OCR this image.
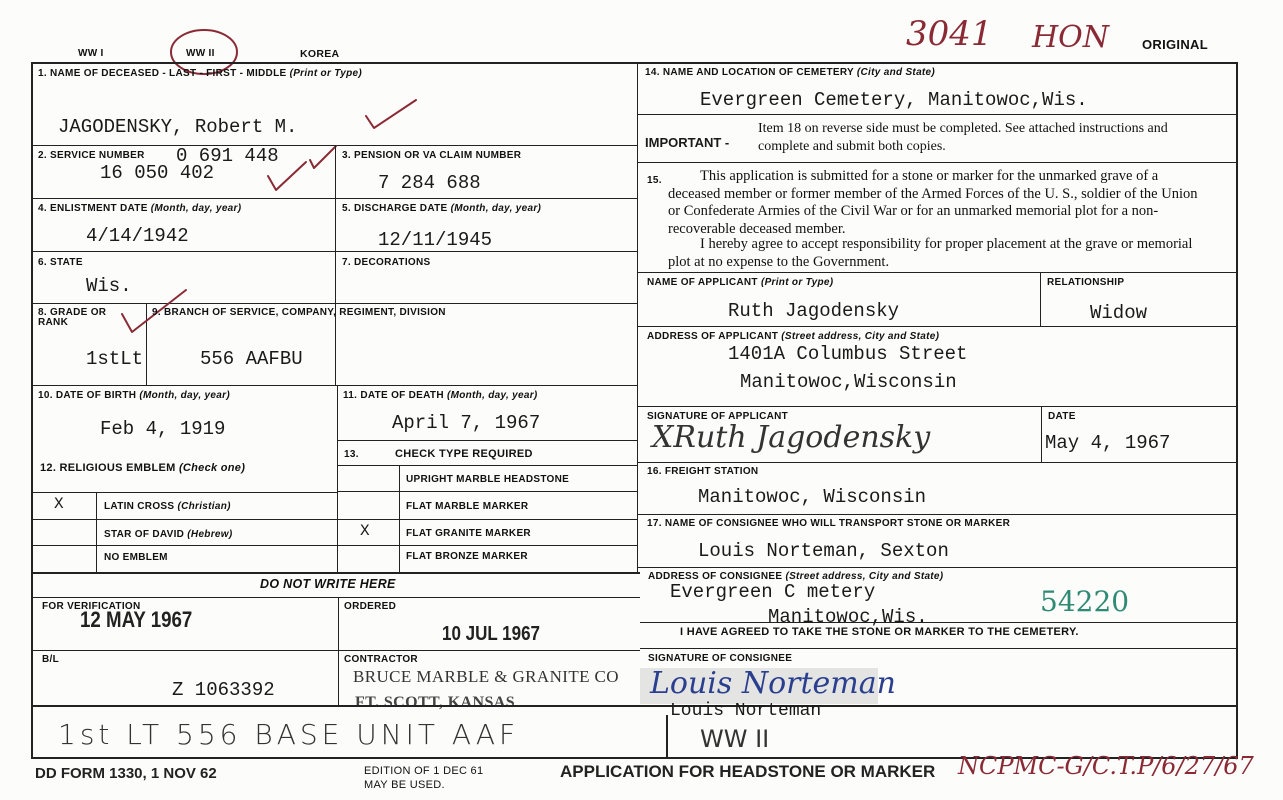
WW I	WW II	KOREA	3041 HON	ORIGINAL
1. NAME OF DECEASED - LAST - FIRST - MIDDLE (Print or Type)
JAGODENSKY, Robert M.
2. SERVICE NUMBER 0 691 448
16 050 402
3. PENSION OR VA CLAIM NUMBER
7 284 688
4. ENLISTMENT DATE (Month, day, year)
4/14/1942
5. DISCHARGE DATE (Month, day, year)
12/11/1945
6. STATE
Wis.
7. DECORATIONS
8. GRADE OR RANK
1stLt
9. BRANCH OF SERVICE, COMPANY, REGIMENT, DIVISION
556 AAFBU
10. DATE OF BIRTH (Month, day, year)
Feb 4, 1919
11. DATE OF DEATH (Month, day, year)
April 7, 1967
12. RELIGIOUS EMBLEM (Check one)
X	LATIN CROSS (Christian)
STAR OF DAVID (Hebrew)
NO EMBLEM
13.	CHECK TYPE REQUIRED
UPRIGHT MARBLE HEADSTONE
FLAT MARBLE MARKER
X	FLAT GRANITE MARKER
FLAT BRONZE MARKER
DO NOT WRITE HERE
FOR VERIFICATION
12 MAY 1967
ORDERED
10 JUL 1967
B/L
Z 1063392
CONTRACTOR
BRUCE MARBLE & GRANITE CO
FT. SCOTT, KANSAS
14. NAME AND LOCATION OF CEMETERY (City and State)
Evergreen Cemetery, Manitowoc,Wis.
IMPORTANT -
Item 18 on reverse side must be completed. See attached instructions and complete and submit both copies.
15.	This application is submitted for a stone or marker for the unmarked grave of a deceased member or former member of the Armed Forces of the U. S., soldier of the Union or Confederate Armies of the Civil War or for an unmarked memorial plot for a non-recoverable deceased member.
I hereby agree to accept responsibility for proper placement at the grave or memorial plot at no expense to the Government.
NAME OF APPLICANT (Print or Type)
Ruth Jagodensky
RELATIONSHIP
Widow
ADDRESS OF APPLICANT (Street address, City and State)
1401A Columbus Street
Manitowoc,Wisconsin
SIGNATURE OF APPLICANT
XRuth Jagodensky
DATE
May 4, 1967
16. FREIGHT STATION
Manitowoc, Wisconsin
17. NAME OF CONSIGNEE WHO WILL TRANSPORT STONE OR MARKER
Louis Norteman, Sexton
ADDRESS OF CONSIGNEE (Street address, City and State)
Evergreen C metery
Manitowoc,Wis.	54220
I HAVE AGREED TO TAKE THE STONE OR MARKER TO THE CEMETERY.
SIGNATURE OF CONSIGNEE
Louis Norteman
Louis Norteman
1st LT 556 BASE UNIT AAF	WW II
DD FORM 1330, 1 NOV 62	EDITION OF 1 DEC 61 MAY BE USED.
APPLICATION FOR HEADSTONE OR MARKER NCPMC-G/C.T.P/6/27/67
